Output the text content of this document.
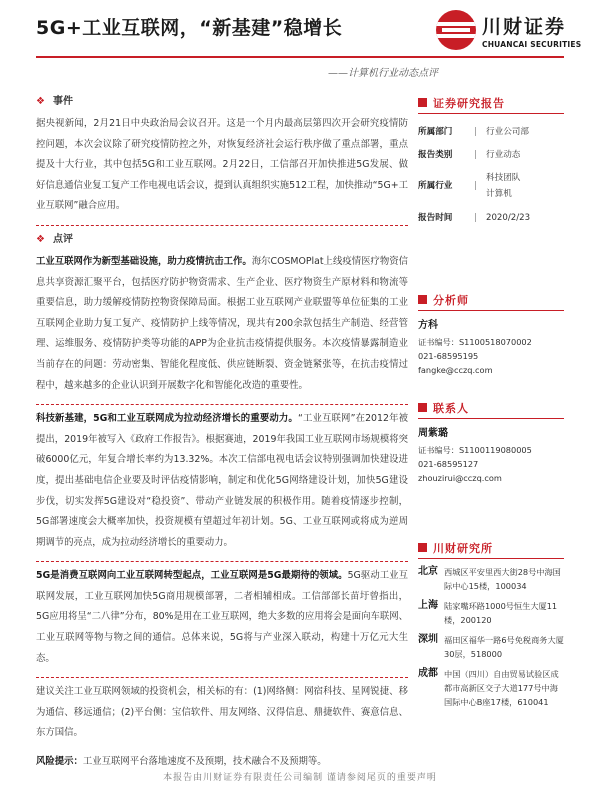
5G+工业互联网，“新基建”稳增长
——计算机行业动态点评
川财证券
CHUANCAI SECURITIES
❖ 事件
据央视新闻，2月21日中央政治局会议召开。这是一个月内最高层第四次开会研究疫情防控问题，本次会议除了研究疫情防控之外，对恢复经济社会运行秩序做了重点部署，重点提及十大行业，其中包括5G和工业互联网。2月22日，工信部召开加快推进5G发展、做好信息通信业复工复产工作电视电话会议，提到认真组织实施512工程，加快推动“5G+工业互联网”融合应用。
❖ 点评
工业互联网作为新型基础设施，助力疫情抗击工作。海尔COSMOPlat上线疫情医疗物资信息共享资源汇聚平台，包括医疗防护物资需求、生产企业、医疗物资生产原材料和物流等重要信息，助力缓解疫情防控物资保障局面。根据工业互联网产业联盟等单位征集的工业互联网企业助力复工复产、疫情防护上线等情况，现共有200余款包括生产制造、经营管理、运维服务、疫情防护类等功能的APP为企业抗击疫情提供服务。本次疫情暴露制造业当前存在的问题：劳动密集、智能化程度低、供应链断裂、资金链紧张等，在抗击疫情过程中，越来越多的企业认识到开展数字化和智能化改造的重要性。
科技新基建，5G和工业互联网成为拉动经济增长的重要动力。“工业互联网”在2012年被提出，2019年被写入《政府工作报告》。根据赛迪，2019年我国工业互联网市场规模将突破6000亿元，年复合增长率约为13.32%。本次工信部电视电话会议特别强调加快建设进度，提出基础电信企业要及时评估疫情影响，制定和优化5G网络建设计划，加快5G建设步伐，切实发挥5G建设对“稳投资”、带动产业链发展的积极作用。随着疫情逐步控制，5G部署速度会大概率加快，投资规模有望超过年初计划。5G、工业互联网或将成为逆周期调节的亮点，成为拉动经济增长的重要动力。
5G是消费互联网向工业互联网转型起点，工业互联网是5G最期待的领域。5G驱动工业互联网发展，工业互联网加快5G商用规模部署，二者相辅相成。工信部部长苗圩曾指出，5G应用将呈“二八律”分布，80%是用在工业互联网，绝大多数的应用将会是面向车联网、工业互联网等物与物之间的通信。总体来说，5G将与产业深入联动，构建十万亿元大生态。
建议关注工业互联网领域的投资机会，相关标的有：(1)网络侧：网宿科技、星网锐捷、移为通信、移远通信；(2)平台侧：宝信软件、用友网络、汉得信息、鼎捷软件、赛意信息、东方国信。
风险提示：工业互联网平台落地速度不及预期，技术融合不及预期等。
证券研究报告
所属部门	|	行业公司部
报告类别	|	行业动态
所属行业	|
科技团队
计算机
报告时间	|	2020/2/23
分析师
方科
证书编号：S1100518070002
021-68595195
fangke@cczq.com
联系人
周紫璐
证书编号：S1100119080005
021-68595127
zhouzirui@cczq.com
川财研究所
北京 西城区平安里西大街28号中海国际中心15楼，100034
上海 陆家嘴环路1000号恒生大厦11楼，200120
深圳 福田区福华一路6号免税商务大厦30层，518000
成都 中国（四川）自由贸易试验区成都市高新区交子大道177号中海国际中心B座17楼，610041
本报告由川财证券有限责任公司编制 谨请参阅尾页的重要声明
